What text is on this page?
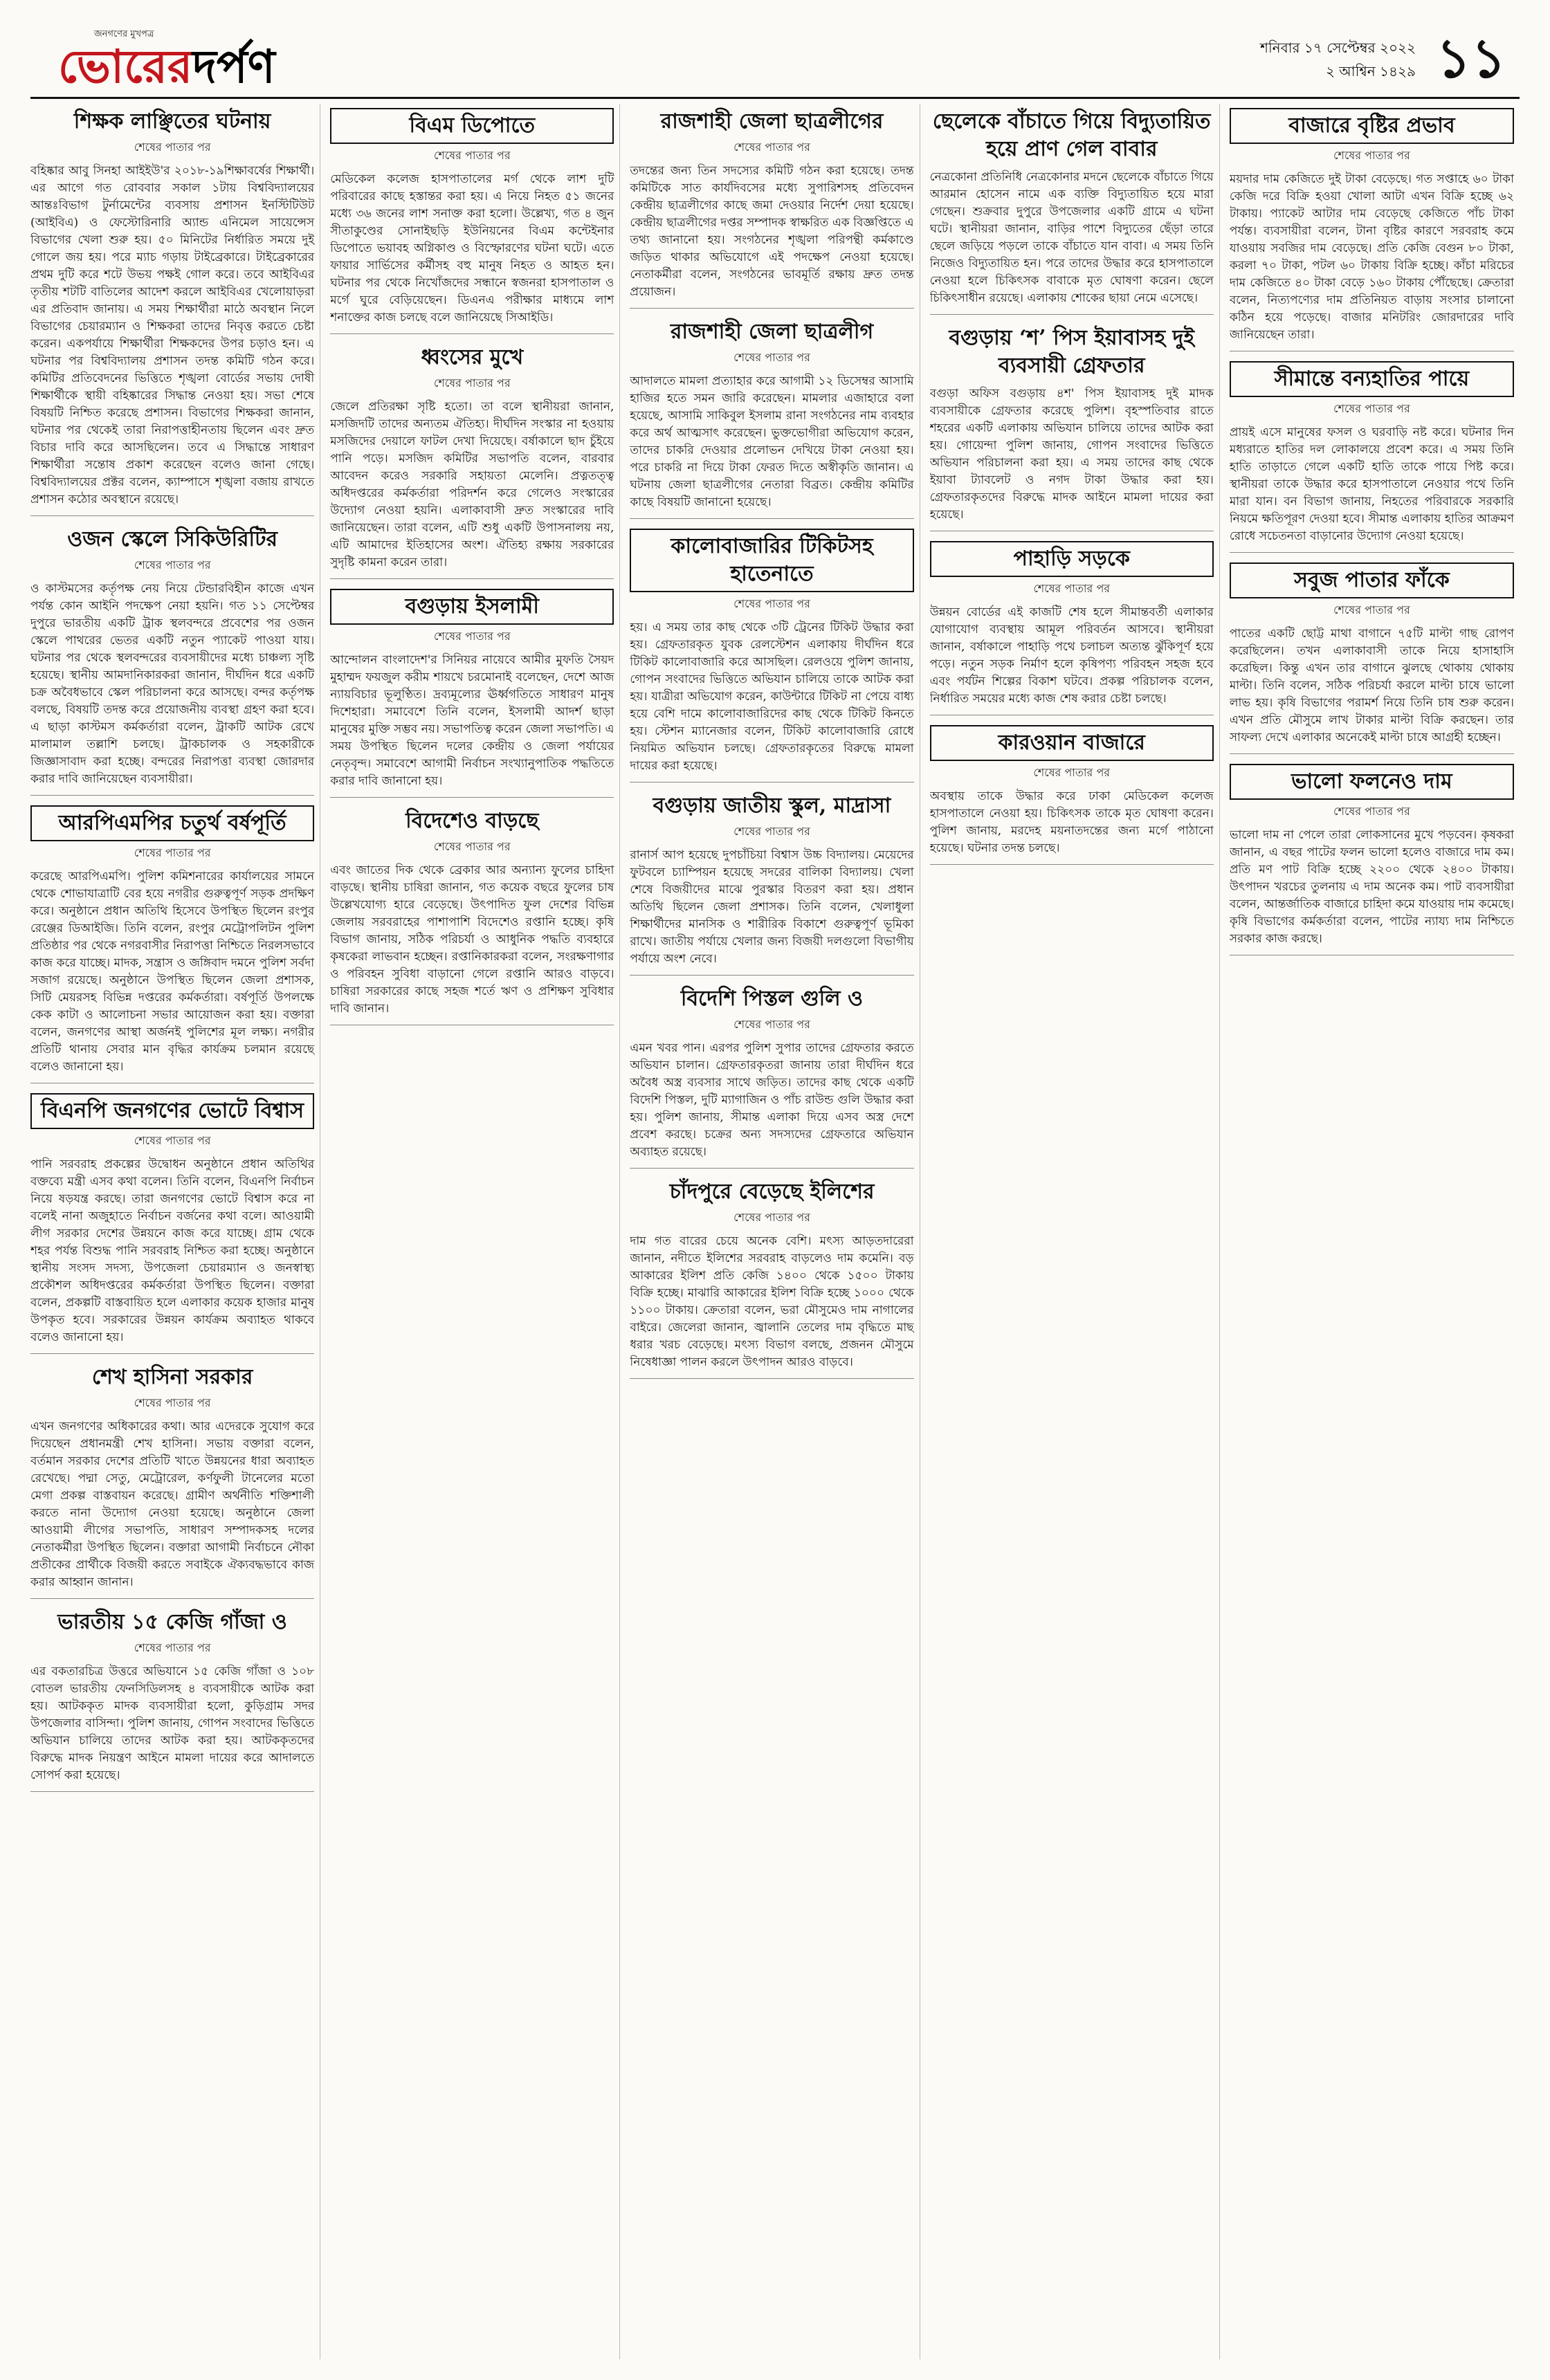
জনগণের মুখপত্র
ভোরেরদর্পণ	শনিবার ১৭ সেপ্টেম্বর ২০২২
২ আশ্বিন ১৪২৯ ১১
শিক্ষক লাঞ্ছিতের ঘটনায়
শেষের পাতার পর

বহিষ্কার আবু সিনহা আইইউ'র ২০১৮-১৯শিক্ষাবর্ষের শিক্ষার্থী। এর আগে গত রোববার সকাল ১টায় বিশ্ববিদ্যালয়ের আন্তঃবিভাগ টুর্নামেন্টের ব্যবসায় প্রশাসন ইনস্টিটিউট (আইবিএ) ও ফেস্টোরিনারি অ্যান্ড এনিমেল সায়েন্সেস বিভাগের খেলা শুরু হয়। ৫০ মিনিটের নির্ধারিত সময়ে দুই গোলে জয় হয়। পরে ম্যাচ গড়ায় টাইব্রেকারে। টাইব্রেকারের প্রথম দুটি করে শটে উভয় পক্ষই গোল করে। তবে আইবিএর তৃতীয় শটটি বাতিলের আদেশ করলে আইবিএর খেলোয়াড়রা এর প্রতিবাদ জানায়। এ সময় শিক্ষার্থীরা মাঠে অবস্থান নিলে বিভাগের চেয়ারম্যান ও শিক্ষকরা তাদের নিবৃত্ত করতে চেষ্টা করেন। একপর্যায়ে শিক্ষার্থীরা শিক্ষকদের উপর চড়াও হন। এ ঘটনার পর বিশ্ববিদ্যালয় প্রশাসন তদন্ত কমিটি গঠন করে। কমিটির প্রতিবেদনের ভিত্তিতে শৃঙ্খলা বোর্ডের সভায় দোষী শিক্ষার্থীকে স্থায়ী বহিষ্কারের সিদ্ধান্ত নেওয়া হয়। সভা শেষে বিষয়টি নিশ্চিত করেছে প্রশাসন। বিভাগের শিক্ষকরা জানান, ঘটনার পর থেকেই তারা নিরাপত্তাহীনতায় ছিলেন এবং দ্রুত বিচার দাবি করে আসছিলেন। তবে এ সিদ্ধান্তে সাধারণ শিক্ষার্থীরা সন্তোষ প্রকাশ করেছেন বলেও জানা গেছে। বিশ্ববিদ্যালয়ের প্রক্টর বলেন, ক্যাম্পাসে শৃঙ্খলা বজায় রাখতে প্রশাসন কঠোর অবস্থানে রয়েছে।

ওজন স্কেলে সিকিউরিটির
শেষের পাতার পর

ও কাস্টমসের কর্তৃপক্ষ নেয় নিয়ে টেন্ডারবিহীন কাজে এখন পর্যন্ত কোন আইনি পদক্ষেপ নেয়া হয়নি। গত ১১ সেপ্টেম্বর দুপুরে ভারতীয় একটি ট্রাক স্থলবন্দরে প্রবেশের পর ওজন স্কেলে পাথরের ভেতর একটি নতুন প্যাকেট পাওয়া যায়। ঘটনার পর থেকে স্থলবন্দরের ব্যবসায়ীদের মধ্যে চাঞ্চল্য সৃষ্টি হয়েছে। স্থানীয় আমদানিকারকরা জানান, দীর্ঘদিন ধরে একটি চক্র অবৈধভাবে স্কেল পরিচালনা করে আসছে। বন্দর কর্তৃপক্ষ বলছে, বিষয়টি তদন্ত করে প্রয়োজনীয় ব্যবস্থা গ্রহণ করা হবে। এ ছাড়া কাস্টমস কর্মকর্তারা বলেন, ট্রাকটি আটক রেখে মালামাল তল্লাশি চলছে। ট্রাকচালক ও সহকারীকে জিজ্ঞাসাবাদ করা হচ্ছে। বন্দরের নিরাপত্তা ব্যবস্থা জোরদার করার দাবি জানিয়েছেন ব্যবসায়ীরা।

আরপিএমপির চতুর্থ বর্ষপূর্তি
শেষের পাতার পর

করেছে আরপিএমপি। পুলিশ কমিশনারের কার্যালয়ের সামনে থেকে শোভাযাত্রাটি বের হয়ে নগরীর গুরুত্বপূর্ণ সড়ক প্রদক্ষিণ করে। অনুষ্ঠানে প্রধান অতিথি হিসেবে উপস্থিত ছিলেন রংপুর রেঞ্জের ডিআইজি। তিনি বলেন, রংপুর মেট্রোপলিটন পুলিশ প্রতিষ্ঠার পর থেকে নগরবাসীর নিরাপত্তা নিশ্চিতে নিরলসভাবে কাজ করে যাচ্ছে। মাদক, সন্ত্রাস ও জঙ্গিবাদ দমনে পুলিশ সর্বদা সজাগ রয়েছে। অনুষ্ঠানে উপস্থিত ছিলেন জেলা প্রশাসক, সিটি মেয়রসহ বিভিন্ন দপ্তরের কর্মকর্তারা। বর্ষপূর্তি উপলক্ষে কেক কাটা ও আলোচনা সভার আয়োজন করা হয়। বক্তারা বলেন, জনগণের আস্থা অর্জনই পুলিশের মূল লক্ষ্য। নগরীর প্রতিটি থানায় সেবার মান বৃদ্ধির কার্যক্রম চলমান রয়েছে বলেও জানানো হয়।

বিএনপি জনগণের ভোটে বিশ্বাস
শেষের পাতার পর

পানি সরবরাহ প্রকল্পের উদ্বোধন অনুষ্ঠানে প্রধান অতিথির বক্তব্যে মন্ত্রী এসব কথা বলেন। তিনি বলেন, বিএনপি নির্বাচন নিয়ে ষড়যন্ত্র করছে। তারা জনগণের ভোটে বিশ্বাস করে না বলেই নানা অজুহাতে নির্বাচন বর্জনের কথা বলে। আওয়ামী লীগ সরকার দেশের উন্নয়নে কাজ করে যাচ্ছে। গ্রাম থেকে শহর পর্যন্ত বিশুদ্ধ পানি সরবরাহ নিশ্চিত করা হচ্ছে। অনুষ্ঠানে স্থানীয় সংসদ সদস্য, উপজেলা চেয়ারম্যান ও জনস্বাস্থ্য প্রকৌশল অধিদপ্তরের কর্মকর্তারা উপস্থিত ছিলেন। বক্তারা বলেন, প্রকল্পটি বাস্তবায়িত হলে এলাকার কয়েক হাজার মানুষ উপকৃত হবে। সরকারের উন্নয়ন কার্যক্রম অব্যাহত থাকবে বলেও জানানো হয়।

শেখ হাসিনা সরকার
শেষের পাতার পর

এখন জনগণের অধিকারের কথা। আর এদেরকে সুযোগ করে দিয়েছেন প্রধানমন্ত্রী শেখ হাসিনা। সভায় বক্তারা বলেন, বর্তমান সরকার দেশের প্রতিটি খাতে উন্নয়নের ধারা অব্যাহত রেখেছে। পদ্মা সেতু, মেট্রোরেল, কর্ণফুলী টানেলের মতো মেগা প্রকল্প বাস্তবায়ন করেছে। গ্রামীণ অর্থনীতি শক্তিশালী করতে নানা উদ্যোগ নেওয়া হয়েছে। অনুষ্ঠানে জেলা আওয়ামী লীগের সভাপতি, সাধারণ সম্পাদকসহ দলের নেতাকর্মীরা উপস্থিত ছিলেন। বক্তারা আগামী নির্বাচনে নৌকা প্রতীকের প্রার্থীকে বিজয়ী করতে সবাইকে ঐক্যবদ্ধভাবে কাজ করার আহ্বান জানান।

ভারতীয় ১৫ কেজি গাঁজা ও
শেষের পাতার পর

এর বকতারচিত্র উত্তরে অভিযানে ১৫ কেজি গাঁজা ও ১০৮ বোতল ভারতীয় ফেনসিডিলসহ ৪ ব্যবসায়ীকে আটক করা হয়। আটককৃত মাদক ব্যবসায়ীরা হলো, কুড়িগ্রাম সদর উপজেলার বাসিন্দা। পুলিশ জানায়, গোপন সংবাদের ভিত্তিতে অভিযান চালিয়ে তাদের আটক করা হয়। আটককৃতদের বিরুদ্ধে মাদক নিয়ন্ত্রণ আইনে মামলা দায়ের করে আদালতে সোপর্দ করা হয়েছে।

বিএম ডিপোতে
শেষের পাতার পর

মেডিকেল কলেজ হাসপাতালের মর্গ থেকে লাশ দুটি পরিবারের কাছে হস্তান্তর করা হয়। এ নিয়ে নিহত ৫১ জনের মধ্যে ৩৬ জনের লাশ সনাক্ত করা হলো। উল্লেখ্য, গত ৪ জুন সীতাকুণ্ডের সোনাইছড়ি ইউনিয়নের বিএম কন্টেইনার ডিপোতে ভয়াবহ অগ্নিকাণ্ড ও বিস্ফোরণের ঘটনা ঘটে। এতে ফায়ার সার্ভিসের কর্মীসহ বহু মানুষ নিহত ও আহত হন। ঘটনার পর থেকে নিখোঁজদের সন্ধানে স্বজনরা হাসপাতাল ও মর্গে ঘুরে বেড়িয়েছেন। ডিএনএ পরীক্ষার মাধ্যমে লাশ শনাক্তের কাজ চলছে বলে জানিয়েছে সিআইডি।

ধ্বংসের মুখে
শেষের পাতার পর

জেলে প্রতিরক্ষা সৃষ্টি হতো। তা বলে স্থানীয়রা জানান, মসজিদটি তাদের অন্যতম ঐতিহ্য। দীর্ঘদিন সংস্কার না হওয়ায় মসজিদের দেয়ালে ফাটল দেখা দিয়েছে। বর্ষাকালে ছাদ চুঁইয়ে পানি পড়ে। মসজিদ কমিটির সভাপতি বলেন, বারবার আবেদন করেও সরকারি সহায়তা মেলেনি। প্রত্নতত্ত্ব অধিদপ্তরের কর্মকর্তারা পরিদর্শন করে গেলেও সংস্কারের উদ্যোগ নেওয়া হয়নি। এলাকাবাসী দ্রুত সংস্কারের দাবি জানিয়েছেন। তারা বলেন, এটি শুধু একটি উপাসনালয় নয়, এটি আমাদের ইতিহাসের অংশ। ঐতিহ্য রক্ষায় সরকারের সুদৃষ্টি কামনা করেন তারা।

বগুড়ায় ইসলামী
শেষের পাতার পর

আন্দোলন বাংলাদেশ'র সিনিয়র নায়েবে আমীর মুফতি সৈয়দ মুহাম্মদ ফয়জুল করীম শায়খে চরমোনাই বলেছেন, দেশে আজ ন্যায়বিচার ভূলুণ্ঠিত। দ্রব্যমূল্যের ঊর্ধ্বগতিতে সাধারণ মানুষ দিশেহারা। সমাবেশে তিনি বলেন, ইসলামী আদর্শ ছাড়া মানুষের মুক্তি সম্ভব নয়। সভাপতিত্ব করেন জেলা সভাপতি। এ সময় উপস্থিত ছিলেন দলের কেন্দ্রীয় ও জেলা পর্যায়ের নেতৃবৃন্দ। সমাবেশে আগামী নির্বাচন সংখ্যানুপাতিক পদ্ধতিতে করার দাবি জানানো হয়।

বিদেশেও বাড়ছে
শেষের পাতার পর

এবং জাতের দিক থেকে ব্রেকার আর অন্যান্য ফুলের চাহিদা বাড়ছে। স্থানীয় চাষিরা জানান, গত কয়েক বছরে ফুলের চাষ উল্লেখযোগ্য হারে বেড়েছে। উৎপাদিত ফুল দেশের বিভিন্ন জেলায় সরবরাহের পাশাপাশি বিদেশেও রপ্তানি হচ্ছে। কৃষি বিভাগ জানায়, সঠিক পরিচর্যা ও আধুনিক পদ্ধতি ব্যবহারে কৃষকেরা লাভবান হচ্ছেন। রপ্তানিকারকরা বলেন, সংরক্ষণাগার ও পরিবহন সুবিধা বাড়ানো গেলে রপ্তানি আরও বাড়বে। চাষিরা সরকারের কাছে সহজ শর্তে ঋণ ও প্রশিক্ষণ সুবিধার দাবি জানান।

রাজশাহী জেলা ছাত্রলীগের
শেষের পাতার পর

তদন্তের জন্য তিন সদস্যের কমিটি গঠন করা হয়েছে। তদন্ত কমিটিকে সাত কার্যদিবসের মধ্যে সুপারিশসহ প্রতিবেদন কেন্দ্রীয় ছাত্রলীগের কাছে জমা দেওয়ার নির্দেশ দেয়া হয়েছে। কেন্দ্রীয় ছাত্রলীগের দপ্তর সম্পাদক স্বাক্ষরিত এক বিজ্ঞপ্তিতে এ তথ্য জানানো হয়। সংগঠনের শৃঙ্খলা পরিপন্থী কর্মকাণ্ডে জড়িত থাকার অভিযোগে এই পদক্ষেপ নেওয়া হয়েছে। নেতাকর্মীরা বলেন, সংগঠনের ভাবমূর্তি রক্ষায় দ্রুত তদন্ত প্রয়োজন।

রাজশাহী জেলা ছাত্রলীগ
শেষের পাতার পর

আদালতে মামলা প্রত্যাহার করে আগামী ১২ ডিসেম্বর আসামি হাজির হতে সমন জারি করেছেন। মামলার এজাহারে বলা হয়েছে, আসামি সাকিবুল ইসলাম রানা সংগঠনের নাম ব্যবহার করে অর্থ আত্মসাৎ করেছেন। ভুক্তভোগীরা অভিযোগ করেন, তাদের চাকরি দেওয়ার প্রলোভন দেখিয়ে টাকা নেওয়া হয়। পরে চাকরি না দিয়ে টাকা ফেরত দিতে অস্বীকৃতি জানান। এ ঘটনায় জেলা ছাত্রলীগের নেতারা বিব্রত। কেন্দ্রীয় কমিটির কাছে বিষয়টি জানানো হয়েছে।

কালোবাজারির টিকিটসহ হাতেনাতে
শেষের পাতার পর

হয়। এ সময় তার কাছ থেকে ৩টি ট্রেনের টিকিট উদ্ধার করা হয়। গ্রেফতারকৃত যুবক রেলস্টেশন এলাকায় দীর্ঘদিন ধরে টিকিট কালোবাজারি করে আসছিল। রেলওয়ে পুলিশ জানায়, গোপন সংবাদের ভিত্তিতে অভিযান চালিয়ে তাকে আটক করা হয়। যাত্রীরা অভিযোগ করেন, কাউন্টারে টিকিট না পেয়ে বাধ্য হয়ে বেশি দামে কালোবাজারিদের কাছ থেকে টিকিট কিনতে হয়। স্টেশন ম্যানেজার বলেন, টিকিট কালোবাজারি রোধে নিয়মিত অভিযান চলছে। গ্রেফতারকৃতের বিরুদ্ধে মামলা দায়ের করা হয়েছে।

বগুড়ায় জাতীয় স্কুল, মাদ্রাসা
শেষের পাতার পর

রানার্স আপ হয়েছে দুপচাঁচিয়া বিশ্বাস উচ্চ বিদ্যালয়। মেয়েদের ফুটবলে চ্যাম্পিয়ন হয়েছে সদরের বালিকা বিদ্যালয়। খেলা শেষে বিজয়ীদের মাঝে পুরস্কার বিতরণ করা হয়। প্রধান অতিথি ছিলেন জেলা প্রশাসক। তিনি বলেন, খেলাধুলা শিক্ষার্থীদের মানসিক ও শারীরিক বিকাশে গুরুত্বপূর্ণ ভূমিকা রাখে। জাতীয় পর্যায়ে খেলার জন্য বিজয়ী দলগুলো বিভাগীয় পর্যায়ে অংশ নেবে।

বিদেশি পিস্তল গুলি ও
শেষের পাতার পর

এমন খবর পান। এরপর পুলিশ সুপার তাদের গ্রেফতার করতে অভিযান চালান। গ্রেফতারকৃতরা জানায় তারা দীর্ঘদিন ধরে অবৈধ অস্ত্র ব্যবসার সাথে জড়িত। তাদের কাছ থেকে একটি বিদেশি পিস্তল, দুটি ম্যাগাজিন ও পাঁচ রাউন্ড গুলি উদ্ধার করা হয়। পুলিশ জানায়, সীমান্ত এলাকা দিয়ে এসব অস্ত্র দেশে প্রবেশ করছে। চক্রের অন্য সদস্যদের গ্রেফতারে অভিযান অব্যাহত রয়েছে।

চাঁদপুরে বেড়েছে ইলিশের
শেষের পাতার পর

দাম গত বারের চেয়ে অনেক বেশি। মৎস্য আড়তদারেরা জানান, নদীতে ইলিশের সরবরাহ বাড়লেও দাম কমেনি। বড় আকারের ইলিশ প্রতি কেজি ১৪০০ থেকে ১৫০০ টাকায় বিক্রি হচ্ছে। মাঝারি আকারের ইলিশ বিক্রি হচ্ছে ১০০০ থেকে ১১০০ টাকায়। ক্রেতারা বলেন, ভরা মৌসুমেও দাম নাগালের বাইরে। জেলেরা জানান, জ্বালানি তেলের দাম বৃদ্ধিতে মাছ ধরার খরচ বেড়েছে। মৎস্য বিভাগ বলছে, প্রজনন মৌসুমে নিষেধাজ্ঞা পালন করলে উৎপাদন আরও বাড়বে।

ছেলেকে বাঁচাতে গিয়ে বিদ্যুতায়িত হয়ে প্রাণ গেল বাবার

নেত্রকোনা প্রতিনিধি নেত্রকোনার মদনে ছেলেকে বাঁচাতে গিয়ে আরমান হোসেন নামে এক ব্যক্তি বিদ্যুতায়িত হয়ে মারা গেছেন। শুক্রবার দুপুরে উপজেলার একটি গ্রামে এ ঘটনা ঘটে। স্থানীয়রা জানান, বাড়ির পাশে বিদ্যুতের ছেঁড়া তারে ছেলে জড়িয়ে পড়লে তাকে বাঁচাতে যান বাবা। এ সময় তিনি নিজেও বিদ্যুতায়িত হন। পরে তাদের উদ্ধার করে হাসপাতালে নেওয়া হলে চিকিৎসক বাবাকে মৃত ঘোষণা করেন। ছেলে চিকিৎসাধীন রয়েছে। এলাকায় শোকের ছায়া নেমে এসেছে।

বগুড়ায় ‘শ’ পিস ইয়াবাসহ দুই ব্যবসায়ী গ্রেফতার

বগুড়া অফিস বগুড়ায় ৪শ' পিস ইয়াবাসহ দুই মাদক ব্যবসায়ীকে গ্রেফতার করেছে পুলিশ। বৃহস্পতিবার রাতে শহরের একটি এলাকায় অভিযান চালিয়ে তাদের আটক করা হয়। গোয়েন্দা পুলিশ জানায়, গোপন সংবাদের ভিত্তিতে অভিযান পরিচালনা করা হয়। এ সময় তাদের কাছ থেকে ইয়াবা ট্যাবলেট ও নগদ টাকা উদ্ধার করা হয়। গ্রেফতারকৃতদের বিরুদ্ধে মাদক আইনে মামলা দায়ের করা হয়েছে।

পাহাড়ি সড়কে
শেষের পাতার পর

উন্নয়ন বোর্ডের এই কাজটি শেষ হলে সীমান্তবর্তী এলাকার যোগাযোগ ব্যবস্থায় আমূল পরিবর্তন আসবে। স্থানীয়রা জানান, বর্ষাকালে পাহাড়ি পথে চলাচল অত্যন্ত ঝুঁকিপূর্ণ হয়ে পড়ে। নতুন সড়ক নির্মাণ হলে কৃষিপণ্য পরিবহন সহজ হবে এবং পর্যটন শিল্পের বিকাশ ঘটবে। প্রকল্প পরিচালক বলেন, নির্ধারিত সময়ের মধ্যে কাজ শেষ করার চেষ্টা চলছে।

কারওয়ান বাজারে
শেষের পাতার পর

অবস্থায় তাকে উদ্ধার করে ঢাকা মেডিকেল কলেজ হাসপাতালে নেওয়া হয়। চিকিৎসক তাকে মৃত ঘোষণা করেন। পুলিশ জানায়, মরদেহ ময়নাতদন্তের জন্য মর্গে পাঠানো হয়েছে। ঘটনার তদন্ত চলছে।

বাজারে বৃষ্টির প্রভাব
শেষের পাতার পর

ময়দার দাম কেজিতে দুই টাকা বেড়েছে। গত সপ্তাহে ৬০ টাকা কেজি দরে বিক্রি হওয়া খোলা আটা এখন বিক্রি হচ্ছে ৬২ টাকায়। প্যাকেট আটার দাম বেড়েছে কেজিতে পাঁচ টাকা পর্যন্ত। ব্যবসায়ীরা বলেন, টানা বৃষ্টির কারণে সরবরাহ কমে যাওয়ায় সবজির দাম বেড়েছে। প্রতি কেজি বেগুন ৮০ টাকা, করলা ৭০ টাকা, পটল ৬০ টাকায় বিক্রি হচ্ছে। কাঁচা মরিচের দাম কেজিতে ৪০ টাকা বেড়ে ১৬০ টাকায় পৌঁছেছে। ক্রেতারা বলেন, নিত্যপণ্যের দাম প্রতিনিয়ত বাড়ায় সংসার চালানো কঠিন হয়ে পড়েছে। বাজার মনিটরিং জোরদারের দাবি জানিয়েছেন তারা।

সীমান্তে বন্যহাতির পায়ে
শেষের পাতার পর

প্রায়ই এসে মানুষের ফসল ও ঘরবাড়ি নষ্ট করে। ঘটনার দিন মধ্যরাতে হাতির দল লোকালয়ে প্রবেশ করে। এ সময় তিনি হাতি তাড়াতে গেলে একটি হাতি তাকে পায়ে পিষ্ট করে। স্থানীয়রা তাকে উদ্ধার করে হাসপাতালে নেওয়ার পথে তিনি মারা যান। বন বিভাগ জানায়, নিহতের পরিবারকে সরকারি নিয়মে ক্ষতিপূরণ দেওয়া হবে। সীমান্ত এলাকায় হাতির আক্রমণ রোধে সচেতনতা বাড়ানোর উদ্যোগ নেওয়া হয়েছে।

সবুজ পাতার ফাঁকে
শেষের পাতার পর

পাতের একটি ছোট্ট মাথা বাগানে ৭৫টি মাল্টা গাছ রোপণ করেছিলেন। তখন এলাকাবাসী তাকে নিয়ে হাসাহাসি করেছিল। কিন্তু এখন তার বাগানে ঝুলছে থোকায় থোকায় মাল্টা। তিনি বলেন, সঠিক পরিচর্যা করলে মাল্টা চাষে ভালো লাভ হয়। কৃষি বিভাগের পরামর্শ নিয়ে তিনি চাষ শুরু করেন। এখন প্রতি মৌসুমে লাখ টাকার মাল্টা বিক্রি করছেন। তার সাফল্য দেখে এলাকার অনেকেই মাল্টা চাষে আগ্রহী হচ্ছেন।

ভালো ফলনেও দাম
শেষের পাতার পর

ভালো দাম না পেলে তারা লোকসানের মুখে পড়বেন। কৃষকরা জানান, এ বছর পাটের ফলন ভালো হলেও বাজারে দাম কম। প্রতি মণ পাট বিক্রি হচ্ছে ২২০০ থেকে ২৪০০ টাকায়। উৎপাদন খরচের তুলনায় এ দাম অনেক কম। পাট ব্যবসায়ীরা বলেন, আন্তর্জাতিক বাজারে চাহিদা কমে যাওয়ায় দাম কমেছে। কৃষি বিভাগের কর্মকর্তারা বলেন, পাটের ন্যায্য দাম নিশ্চিতে সরকার কাজ করছে।
